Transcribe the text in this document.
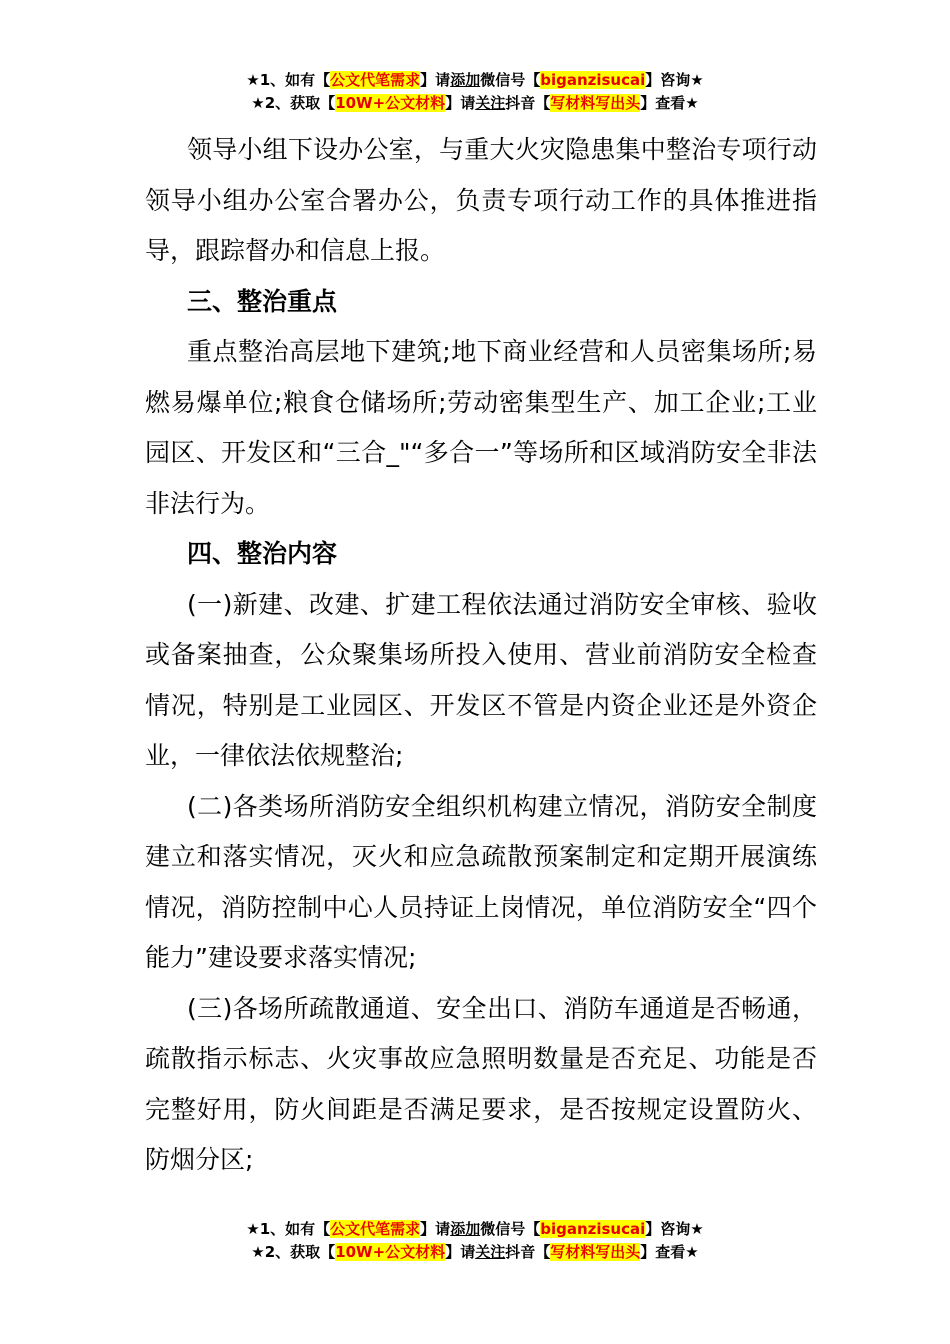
★1、如有【公文代笔需求】请添加微信号【biganzisucai】咨询★
★2、获取【10W+公文材料】请关注抖音【写材料写出头】查看★

领导小组下设办公室，与重大火灾隐患集中整治专项行动领导小组办公室合署办公，负责专项行动工作的具体推进指导，跟踪督办和信息上报。

三、整治重点

重点整治高层地下建筑;地下商业经营和人员密集场所;易燃易爆单位;粮食仓储场所;劳动密集型生产、加工企业;工业园区、开发区和“三合_"“多合一”等场所和区域消防安全非法非法行为。

四、整治内容

(一)新建、改建、扩建工程依法通过消防安全审核、验收或备案抽查，公众聚集场所投入使用、营业前消防安全检查情况，特别是工业园区、开发区不管是内资企业还是外资企业，一律依法依规整治;

(二)各类场所消防安全组织机构建立情况，消防安全制度建立和落实情况，灭火和应急疏散预案制定和定期开展演练情况，消防控制中心人员持证上岗情况，单位消防安全“四个能力”建设要求落实情况;

(三)各场所疏散通道、安全出口、消防车通道是否畅通，疏散指示标志、火灾事故应急照明数量是否充足、功能是否完整好用，防火间距是否满足要求，是否按规定设置防火、防烟分区;

★1、如有【公文代笔需求】请添加微信号【biganzisucai】咨询★
★2、获取【10W+公文材料】请关注抖音【写材料写出头】查看★
